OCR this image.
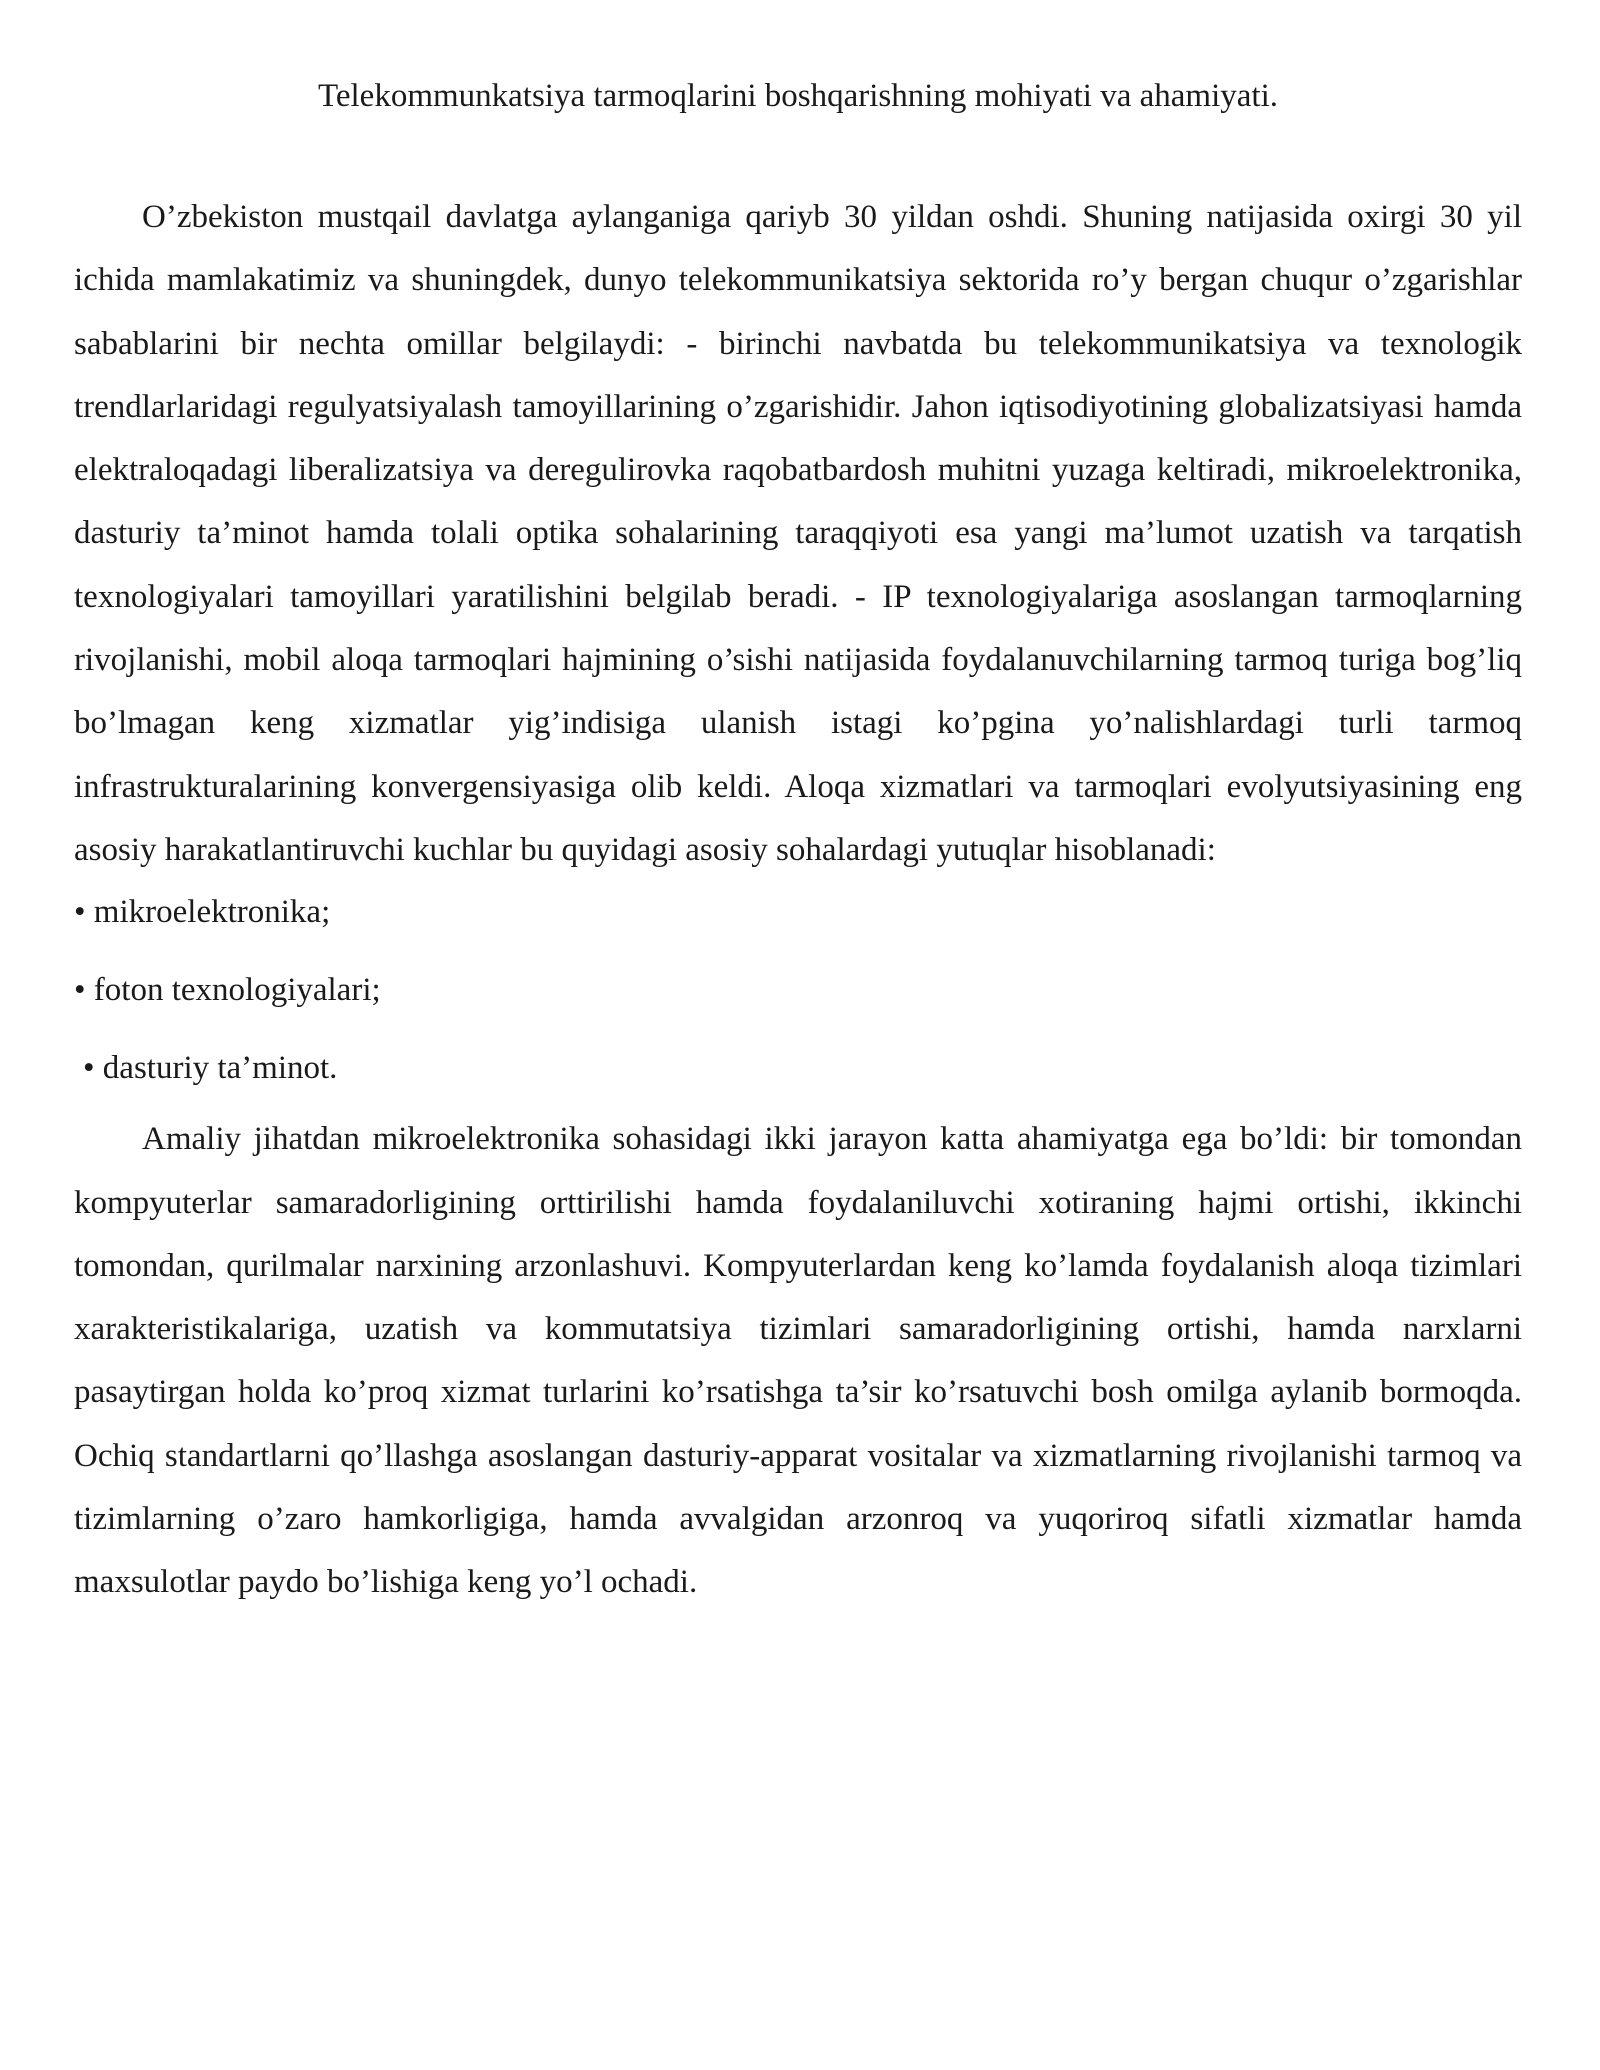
Telekommunkatsiya tarmoqlarini boshqarishning mohiyati va ahamiyati.

O’zbekiston mustqail davlatga aylanganiga qariyb 30 yildan oshdi. Shuning natijasida oxirgi 30 yil ichida mamlakatimiz va shuningdek, dunyo telekommunikatsiya sektorida ro’y bergan chuqur o’zgarishlar sabablarini bir nechta omillar belgilaydi: - birinchi navbatda bu telekommunikatsiya va texnologik trendlarlaridagi regulyatsiyalash tamoyillarining o’zgarishidir. Jahon iqtisodiyotining globalizatsiyasi hamda elektraloqadagi liberalizatsiya va deregulirovka raqobatbardosh muhitni yuzaga keltiradi, mikroelektronika, dasturiy ta’minot hamda tolali optika sohalarining taraqqiyoti esa yangi ma’lumot uzatish va tarqatish texnologiyalari tamoyillari yaratilishini belgilab beradi. - IP texnologiyalariga asoslangan tarmoqlarning rivojlanishi, mobil aloqa tarmoqlari hajmining o’sishi natijasida foydalanuvchilarning tarmoq turiga bog’liq bo’lmagan keng xizmatlar yig’indisiga ulanish istagi ko’pgina yo’nalishlardagi turli tarmoq infrastrukturalarining konvergensiyasiga olib keldi. Aloqa xizmatlari va tarmoqlari evolyutsiyasining eng asosiy harakatlantiruvchi kuchlar bu quyidagi asosiy sohalardagi yutuqlar hisoblanadi:

• mikroelektronika;
• foton texnologiyalari;
• dasturiy ta’minot.

Amaliy jihatdan mikroelektronika sohasidagi ikki jarayon katta ahamiyatga ega bo’ldi: bir tomondan kompyuterlar samaradorligining orttirilishi hamda foydalaniluvchi xotiraning hajmi ortishi, ikkinchi tomondan, qurilmalar narxining arzonlashuvi. Kompyuterlardan keng ko’lamda foydalanish aloqa tizimlari xarakteristikalariga, uzatish va kommutatsiya tizimlari samaradorligining ortishi, hamda narxlarni pasaytirgan holda ko’proq xizmat turlarini ko’rsatishga ta’sir ko’rsatuvchi bosh omilga aylanib bormoqda. Ochiq standartlarni qo’llashga asoslangan dasturiy-apparat vositalar va xizmatlarning rivojlanishi tarmoq va tizimlarning o’zaro hamkorligiga, hamda avvalgidan arzonroq va yuqoriroq sifatli xizmatlar hamda maxsulotlar paydo bo’lishiga keng yo’l ochadi.
